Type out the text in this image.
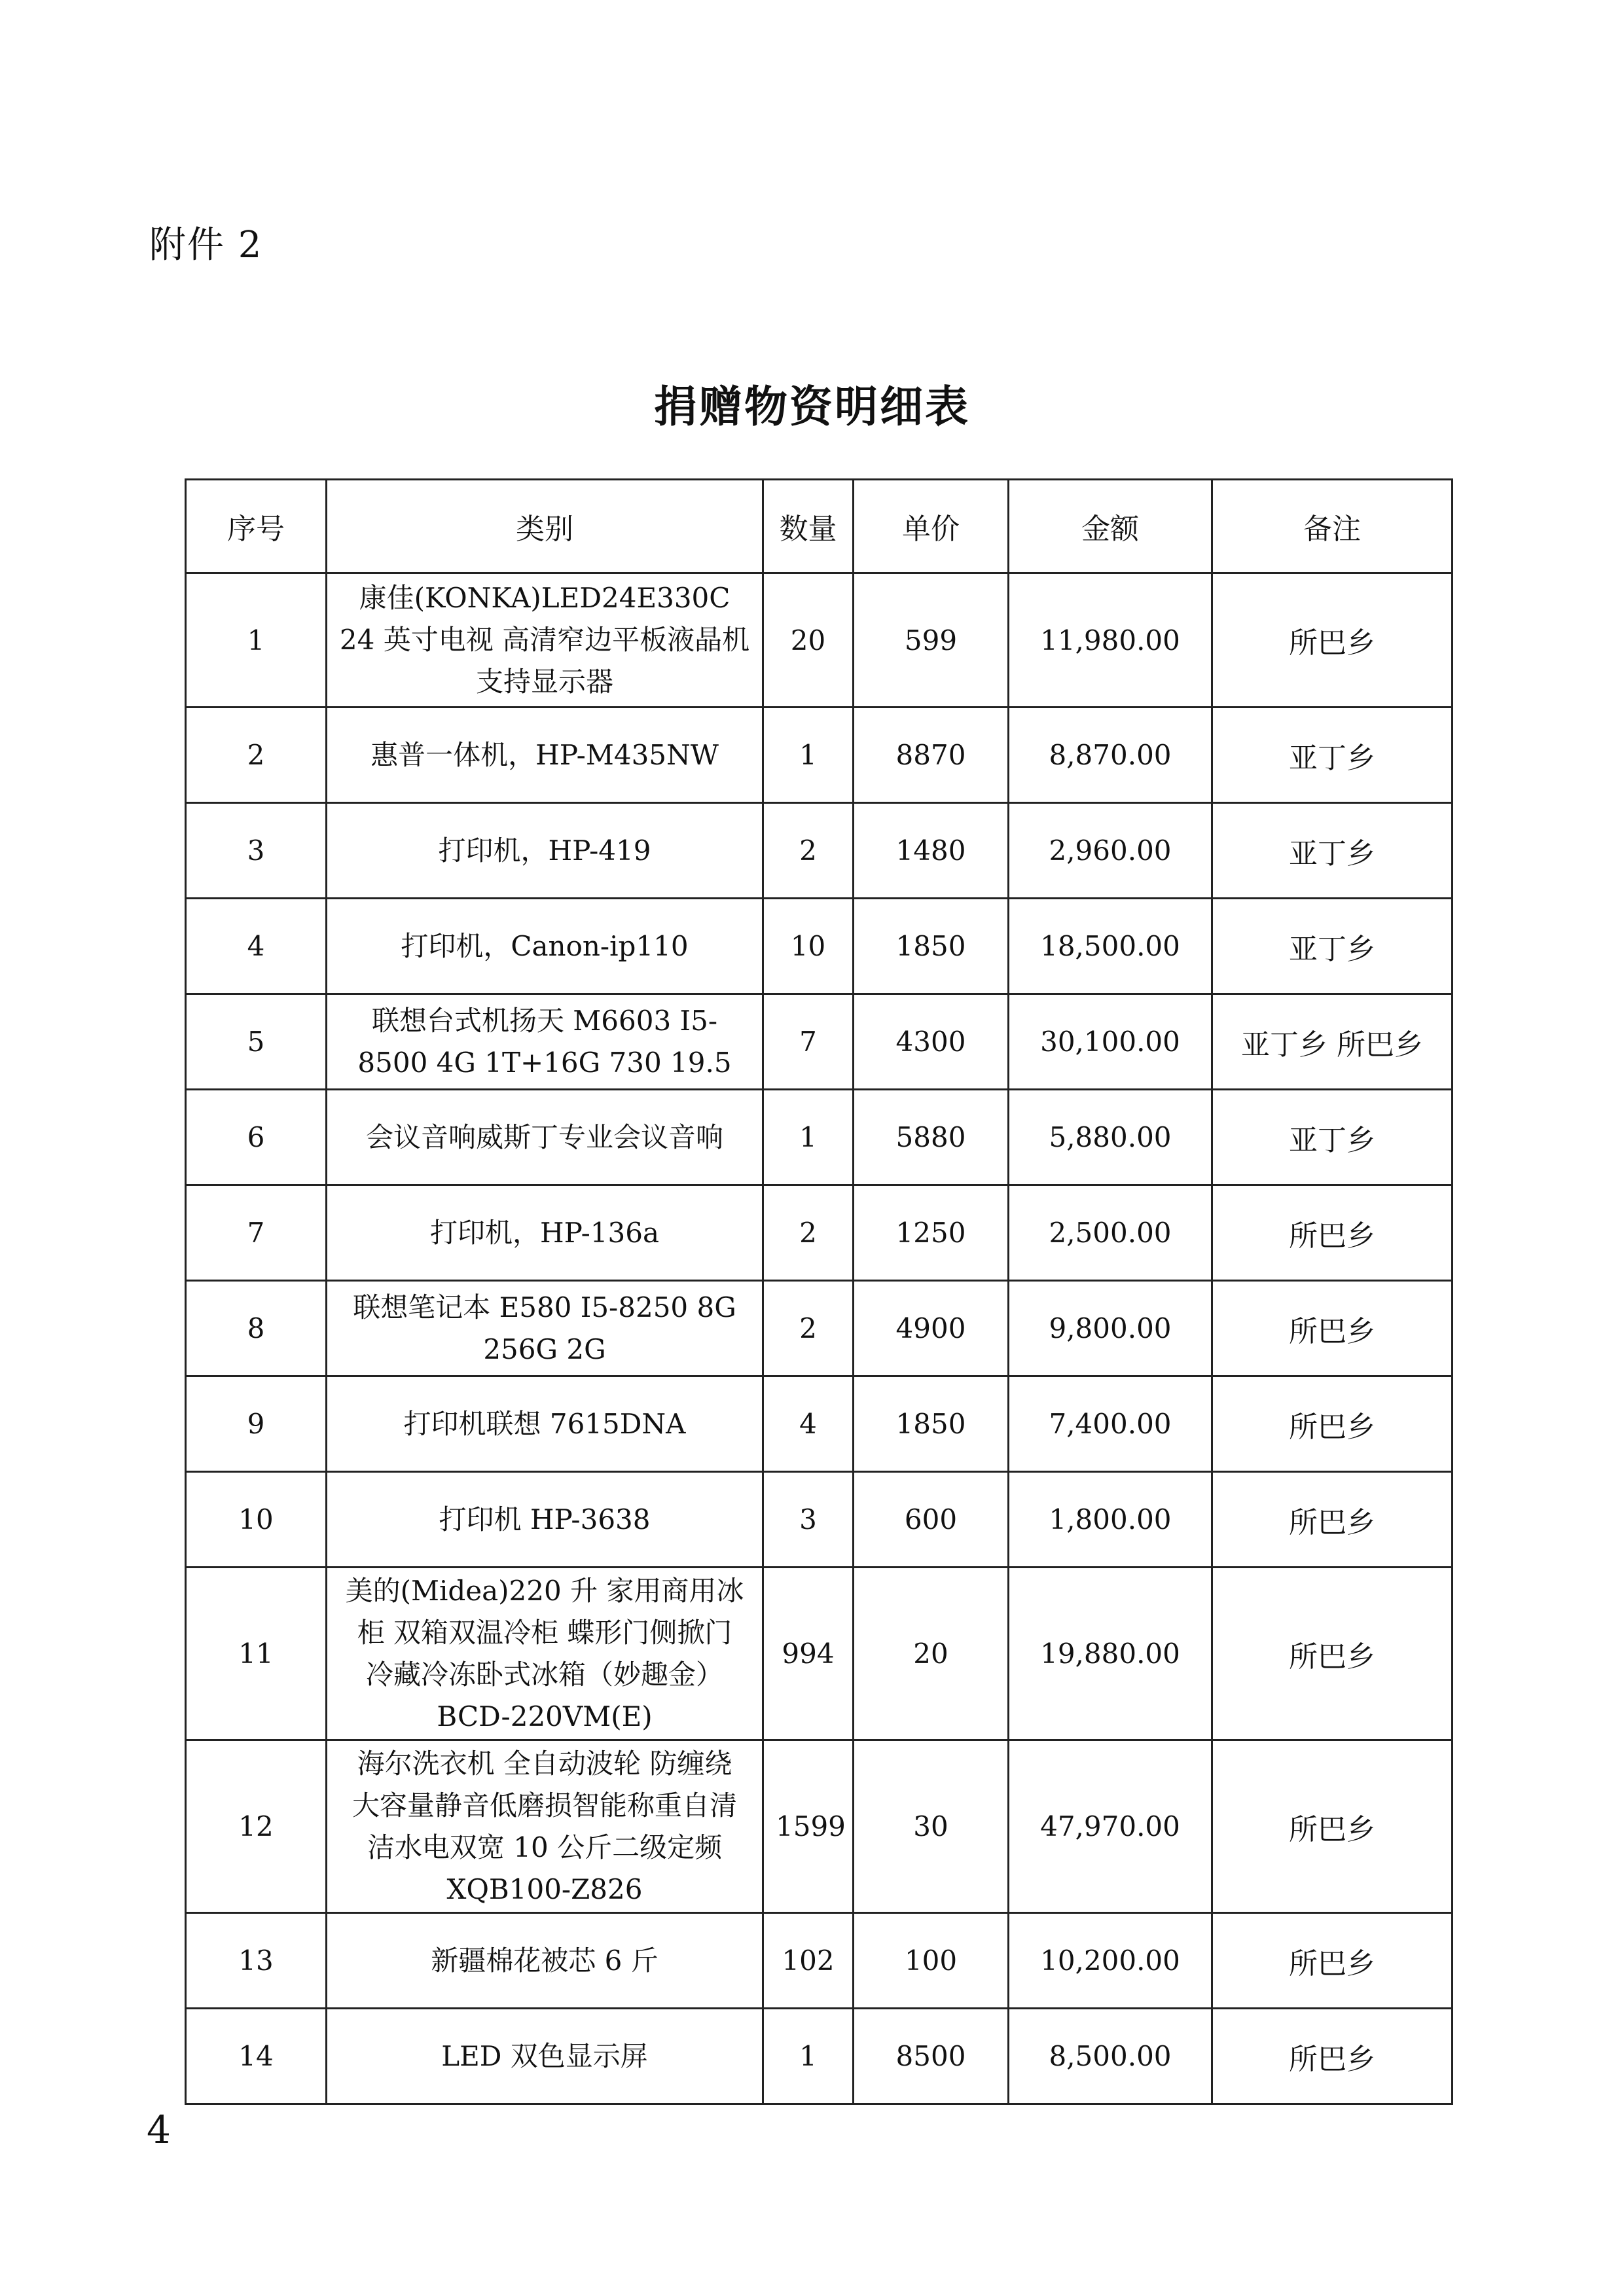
附件 2
捐赠物资明细表
序号	类别	数量	单价	金额	备注
1	康佳(KONKA)LED24E330C 24 英寸电视 高清窄边平板液晶机支持显示器	20	599	11,980.00	所巴乡
2	惠普一体机，HP-M435NW	1	8870	8,870.00	亚丁乡
3	打印机，HP-419	2	1480	2,960.00	亚丁乡
4	打印机，Canon-ip110	10	1850	18,500.00	亚丁乡
5	联想台式机扬天 M6603 I5-8500 4G 1T+16G 730 19.5	7	4300	30,100.00	亚丁乡 所巴乡
6	会议音响威斯丁专业会议音响	1	5880	5,880.00	亚丁乡
7	打印机，HP-136a	2	1250	2,500.00	所巴乡
8	联想笔记本 E580 I5-8250 8G 256G 2G	2	4900	9,800.00	所巴乡
9	打印机联想 7615DNA	4	1850	7,400.00	所巴乡
10	打印机 HP-3638	3	600	1,800.00	所巴乡
11	美的(Midea)220 升 家用商用冰柜 双箱双温冷柜 蝶形门侧掀门 冷藏冷冻卧式冰箱（妙趣金）BCD-220VM(E)	994	20	19,880.00	所巴乡
12	海尔洗衣机 全自动波轮 防缠绕 大容量静音低磨损智能称重自清洁水电双宽 10 公斤二级定频 XQB100-Z826	1599	30	47,970.00	所巴乡
13	新疆棉花被芯 6 斤	102	100	10,200.00	所巴乡
14	LED 双色显示屏	1	8500	8,500.00	所巴乡
4
